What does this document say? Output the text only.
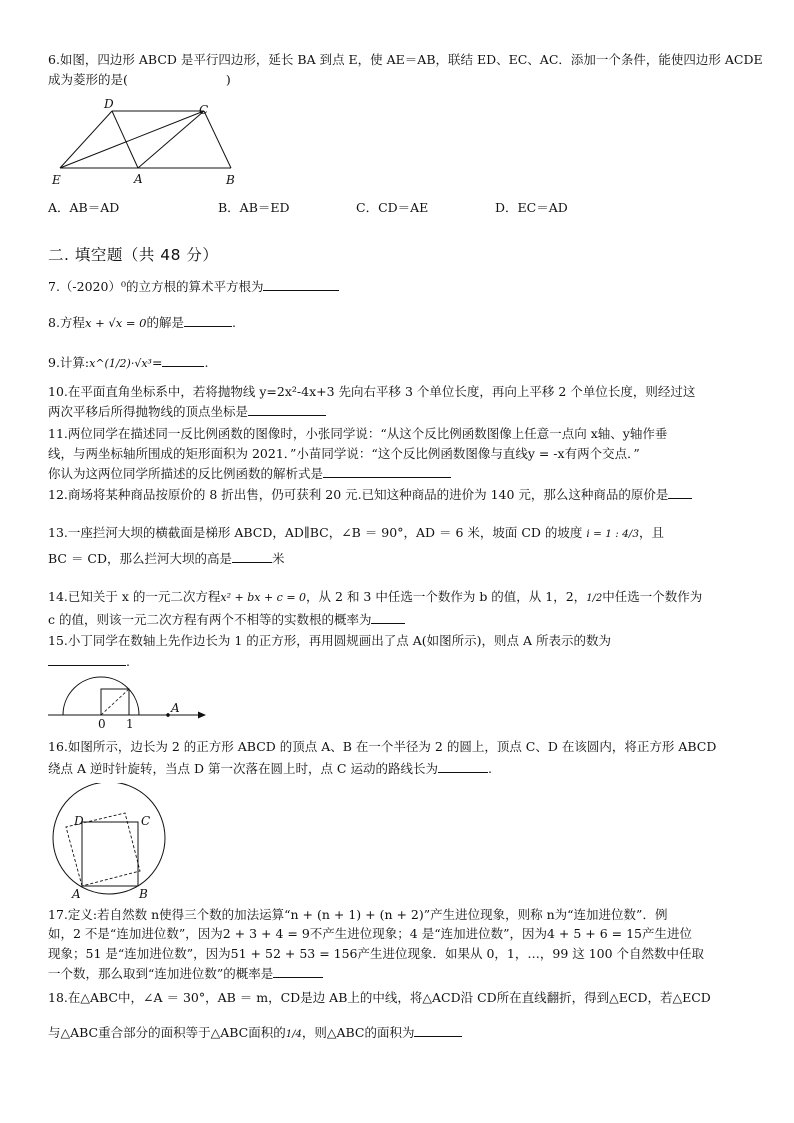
6.如图，四边形 ABCD 是平行四边形，延长 BA 到点 E，使 AE＝AB，联结 ED、EC、AC．添加一个条件，能使四边形 ACDE
成为菱形的是(	)
D	C
E	A	B
A．AB＝AD	B．AB＝ED	C．CD＝AE	D．EC＝AD
二. 填空题（共 48 分）
7.（-2020）⁰的立方根的算术平方根为
8.方程x + √x = 0的解是	.
9.计算:x^(1/2)·√x³=	.
10.在平面直角坐标系中，若将抛物线 y=2x²-4x+3 先向右平移 3 个单位长度，再向上平移 2 个单位长度，则经过这
两次平移后所得抛物线的顶点坐标是
11.两位同学在描述同一反比例函数的图像时，小张同学说：“从这个反比例函数图像上任意一点向 x轴、y轴作垂
线，与两坐标轴所围成的矩形面积为 2021．”小苗同学说：“这个反比例函数图像与直线y = -x有两个交点．”
你认为这两位同学所描述的反比例函数的解析式是
12.商场将某种商品按原价的 8 折出售，仍可获利 20 元.已知这种商品的进价为 140 元，那么这种商品的原价是
13.一座拦河大坝的横截面是梯形 ABCD，AD∥BC，∠B ＝ 90°，AD ＝ 6 米，坡面 CD 的坡度 i = 1 : 4/3，且
BC ＝ CD，那么拦河大坝的高是	米
14.已知关于 x 的一元二次方程x² + bx + c = 0，从 2 和 3 中任选一个数作为 b 的值，从 1，2，1/2中任选一个数作为
c 的值，则该一元二次方程有两个不相等的实数根的概率为
15.小丁同学在数轴上先作边长为 1 的正方形，再用圆规画出了点 A(如图所示)，则点 A 所表示的数为
.
0 1
A
16.如图所示，边长为 2 的正方形 ABCD 的顶点 A、B 在一个半径为 2 的圆上，顶点 C、D 在该圆内，将正方形 ABCD
绕点 A 逆时针旋转，当点 D 第一次落在圆上时，点 C 运动的路线长为	.
D	C
A	B
17.定义:若自然数 n使得三个数的加法运算“n + (n + 1) + (n + 2)”产生进位现象，则称 n为“连加进位数”．例
如，2 不是“连加进位数”，因为2 + 3 + 4 = 9不产生进位现象；4 是“连加进位数”，因为4 + 5 + 6 = 15产生进位
现象；51 是“连加进位数”，因为51 + 52 + 53 = 156产生进位现象．如果从 0，1，…，99 这 100 个自然数中任取
一个数，那么取到“连加进位数”的概率是
18.在△ABC中，∠A ＝ 30°，AB ＝ m，CD是边 AB上的中线，将△ACD沿 CD所在直线翻折，得到△ECD，若△ECD
与△ABC重合部分的面积等于△ABC面积的1/4，则△ABC的面积为
